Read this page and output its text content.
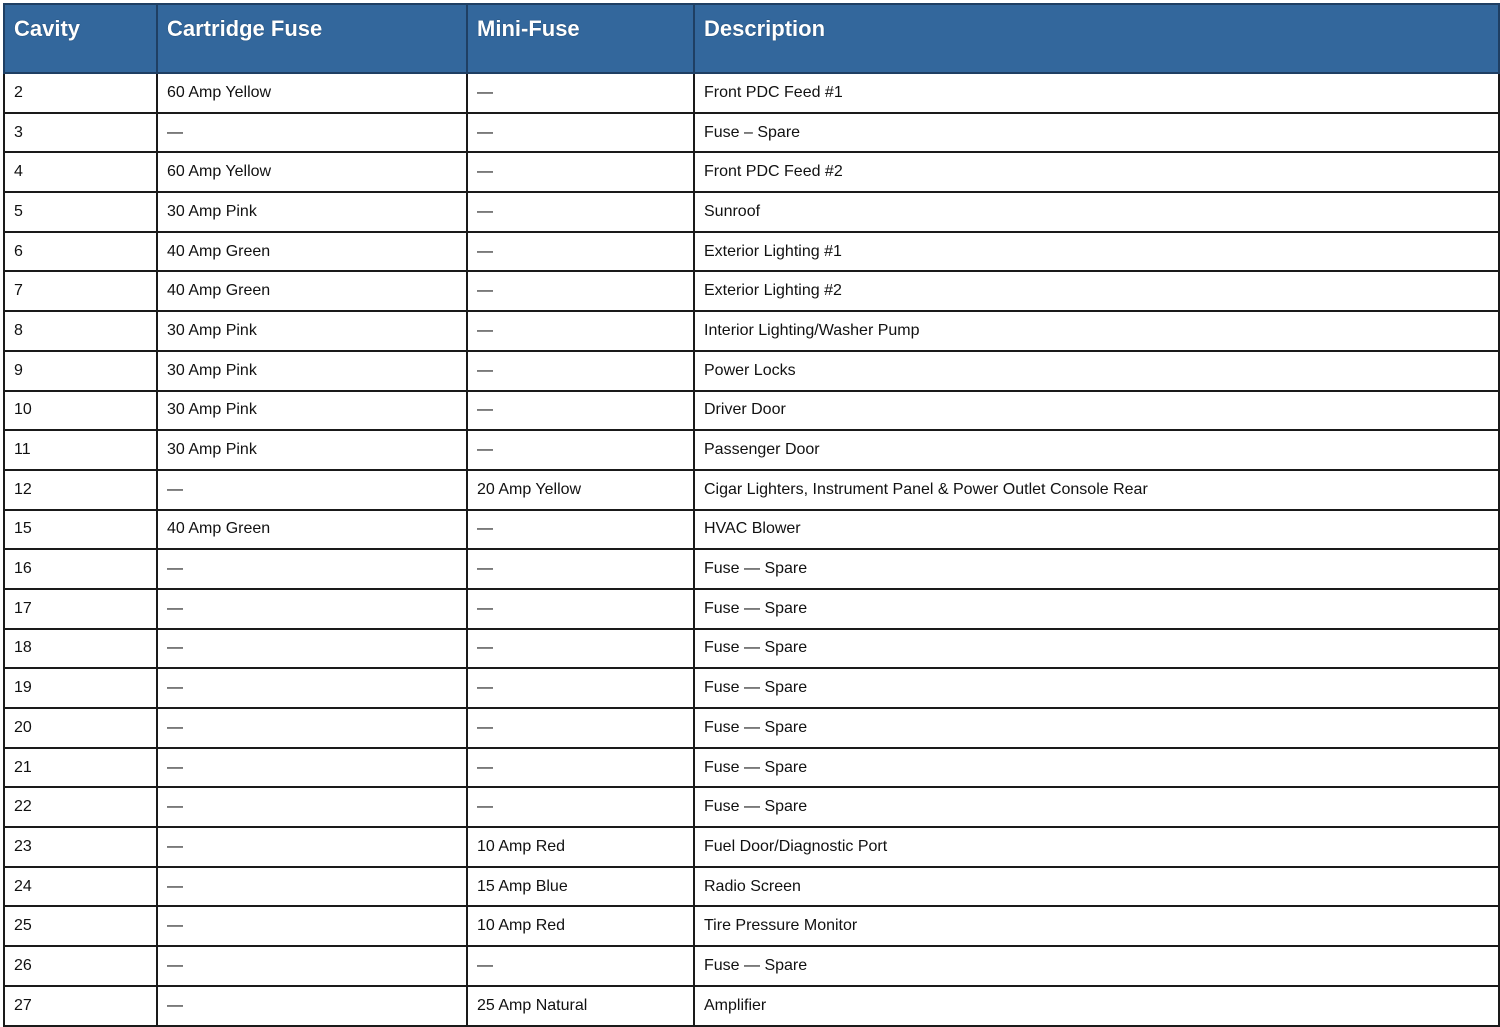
Cavity	Cartridge Fuse	Mini-Fuse	Description
2	60 Amp Yellow	—	Front PDC Feed #1
3	—	—	Fuse – Spare
4	60 Amp Yellow	—	Front PDC Feed #2
5	30 Amp Pink	—	Sunroof
6	40 Amp Green	—	Exterior Lighting #1
7	40 Amp Green	—	Exterior Lighting #2
8	30 Amp Pink	—	Interior Lighting/Washer Pump
9	30 Amp Pink	—	Power Locks
10	30 Amp Pink	—	Driver Door
11	30 Amp Pink	—	Passenger Door
12	—	20 Amp Yellow	Cigar Lighters, Instrument Panel & Power Outlet Console Rear
15	40 Amp Green	—	HVAC Blower
16	—	—	Fuse — Spare
17	—	—	Fuse — Spare
18	—	—	Fuse — Spare
19	—	—	Fuse — Spare
20	—	—	Fuse — Spare
21	—	—	Fuse — Spare
22	—	—	Fuse — Spare
23	—	10 Amp Red	Fuel Door/Diagnostic Port
24	—	15 Amp Blue	Radio Screen
25	—	10 Amp Red	Tire Pressure Monitor
26	—	—	Fuse — Spare
27	—	25 Amp Natural	Amplifier
